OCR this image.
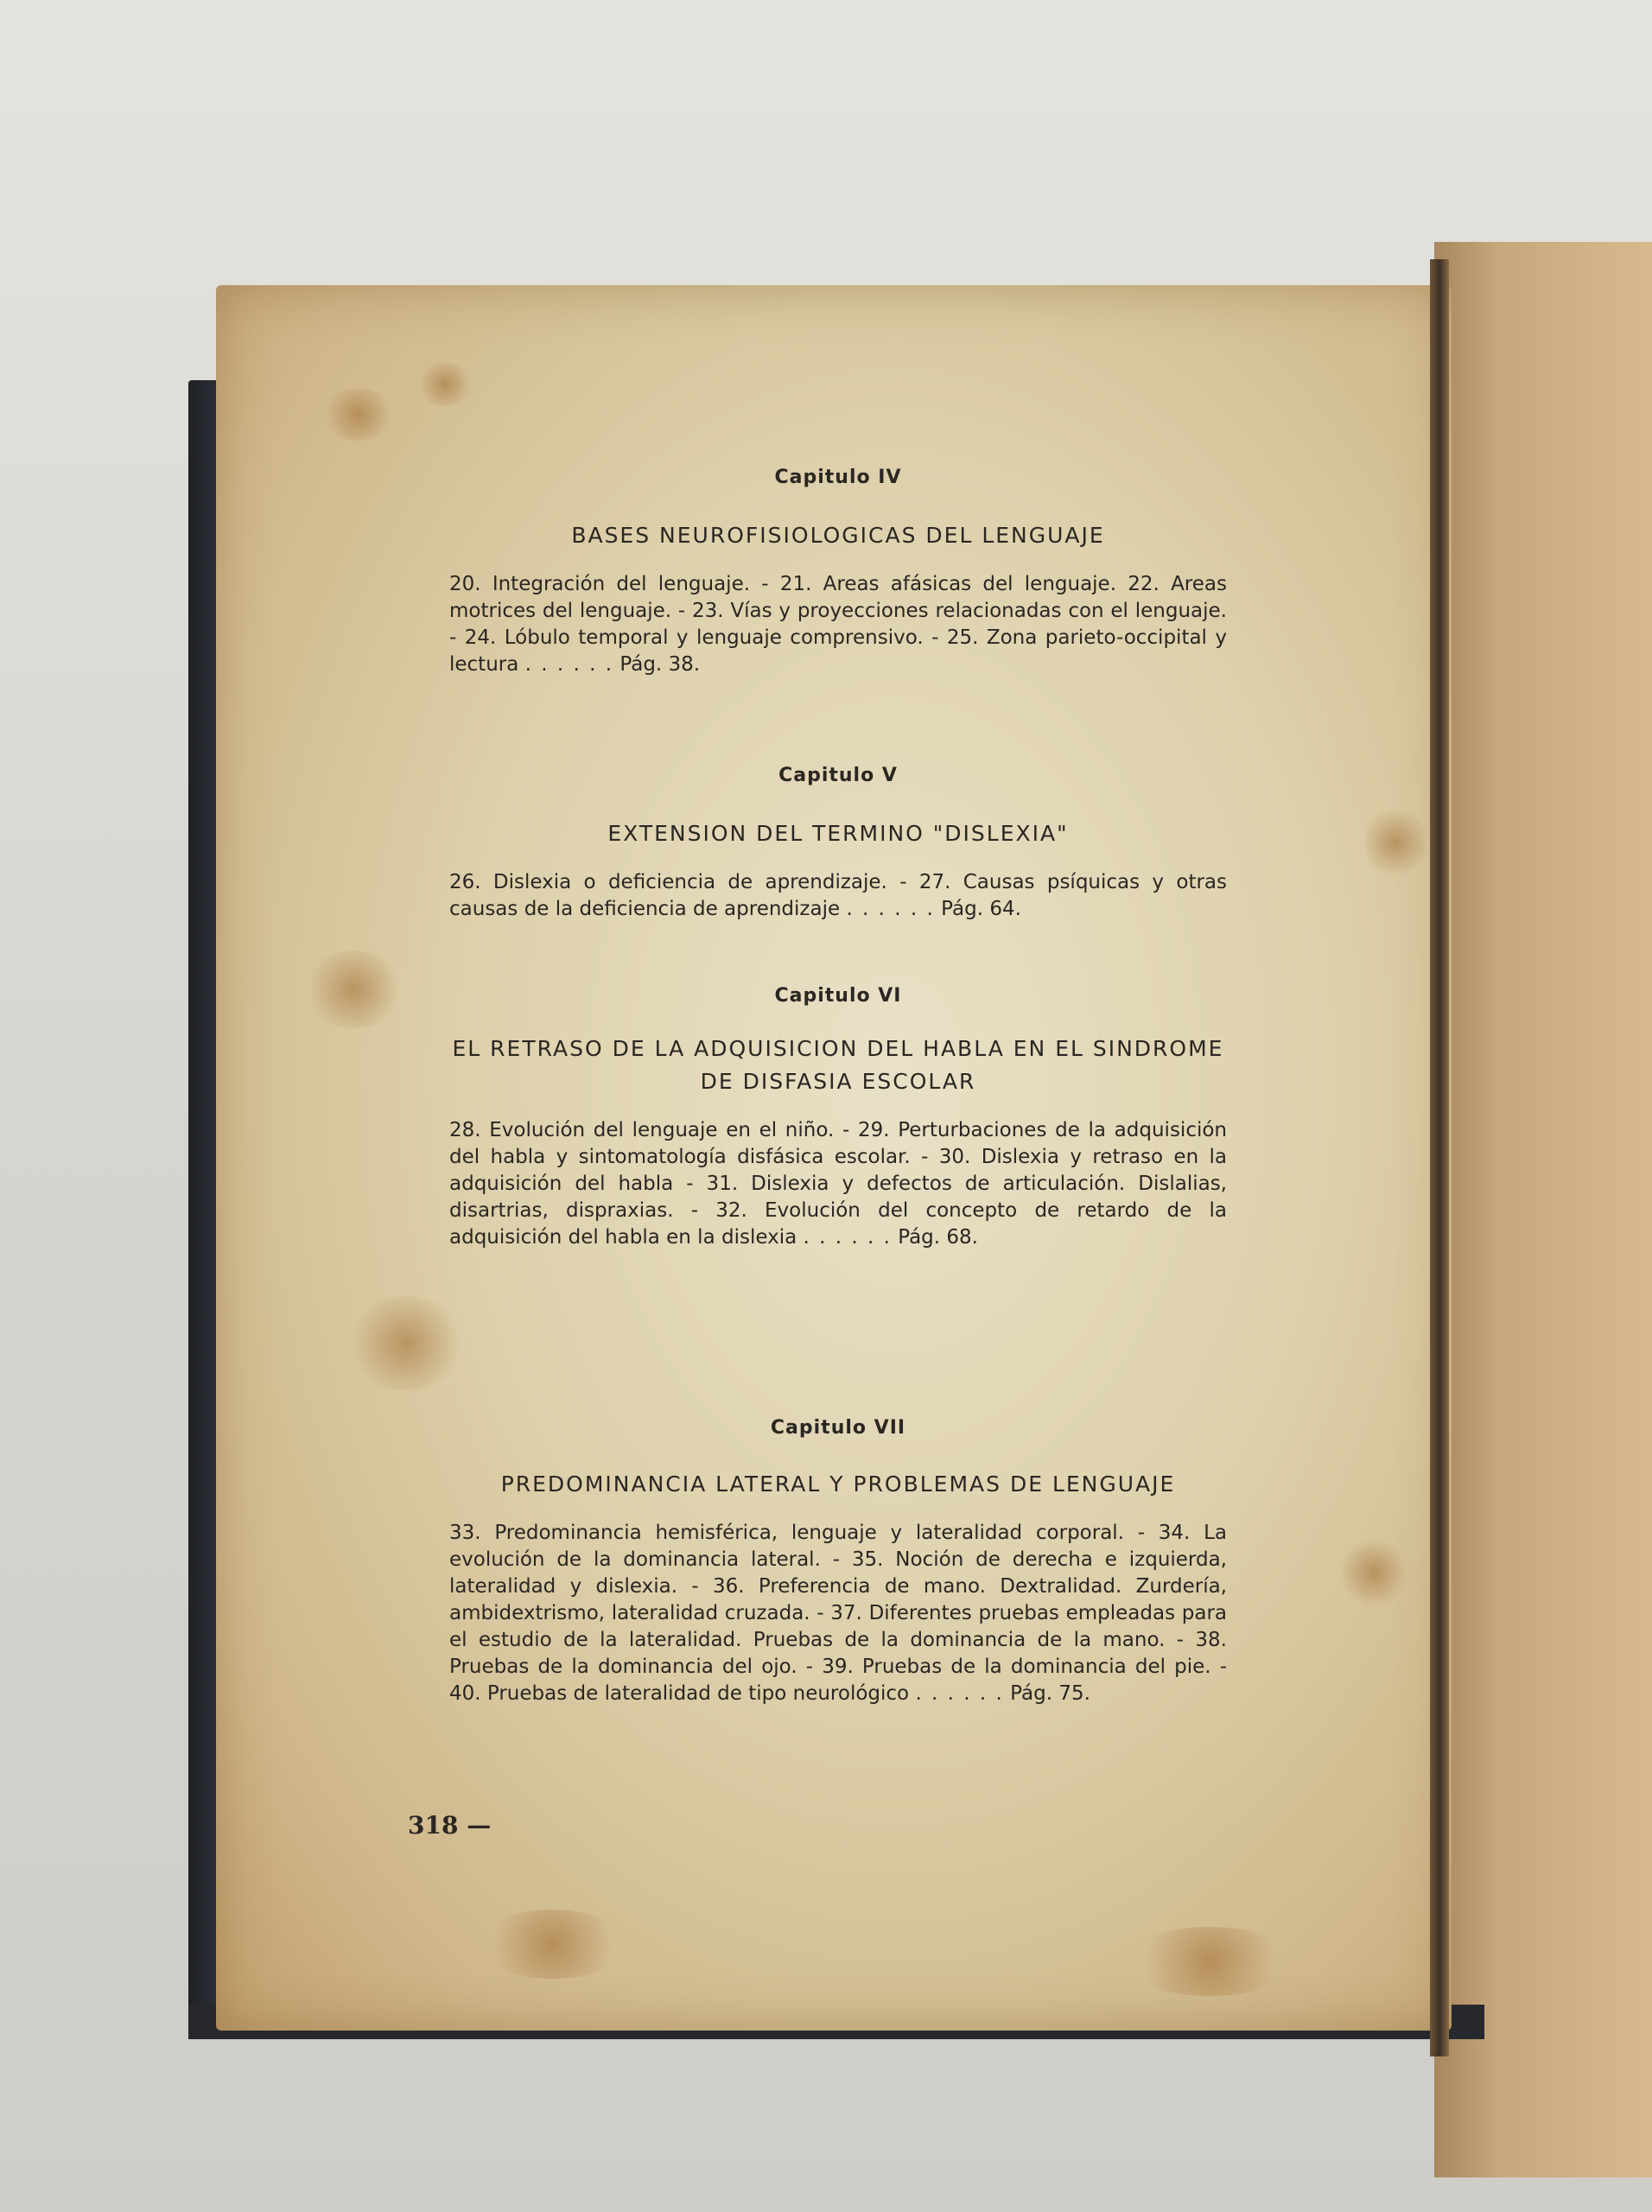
Capitulo IV

BASES NEUROFISIOLOGICAS DEL LENGUAJE

20. Integración del lenguaje. - 21. Areas afásicas del lenguaje. 22. Areas motrices del lenguaje. - 23. Vías y proyecciones relacionadas con el lenguaje. - 24. Lóbulo temporal y lenguaje comprensivo. - 25. Zona parieto-occipital y lectura . . . . . . Pág. 38.

Capitulo V

EXTENSION DEL TERMINO "DISLEXIA"

26. Dislexia o deficiencia de aprendizaje. - 27. Causas psíquicas y otras causas de la deficiencia de aprendizaje . . . . . . Pág. 64.

Capitulo VI

EL RETRASO DE LA ADQUISICION DEL HABLA EN EL SINDROME DE DISFASIA ESCOLAR

28. Evolución del lenguaje en el niño. - 29. Perturbaciones de la adquisición del habla y sintomatología disfásica escolar. - 30. Dislexia y retraso en la adquisición del habla - 31. Dislexia y defectos de articulación. Dislalias, disartrias, dispraxias. - 32. Evolución del concepto de retardo de la adquisición del habla en la dislexia . . . . . . Pág. 68.

Capitulo VII

PREDOMINANCIA LATERAL Y PROBLEMAS DE LENGUAJE

33. Predominancia hemisférica, lenguaje y lateralidad corporal. - 34. La evolución de la dominancia lateral. - 35. Noción de derecha e izquierda, lateralidad y dislexia. - 36. Preferencia de mano. Dextralidad. Zurdería, ambidextrismo, lateralidad cruzada. - 37. Diferentes pruebas empleadas para el estudio de la lateralidad. Pruebas de la dominancia de la mano. - 38. Pruebas de la dominancia del ojo. - 39. Pruebas de la dominancia del pie. - 40. Pruebas de lateralidad de tipo neurológico . . . . . . Pág. 75.

318 —
